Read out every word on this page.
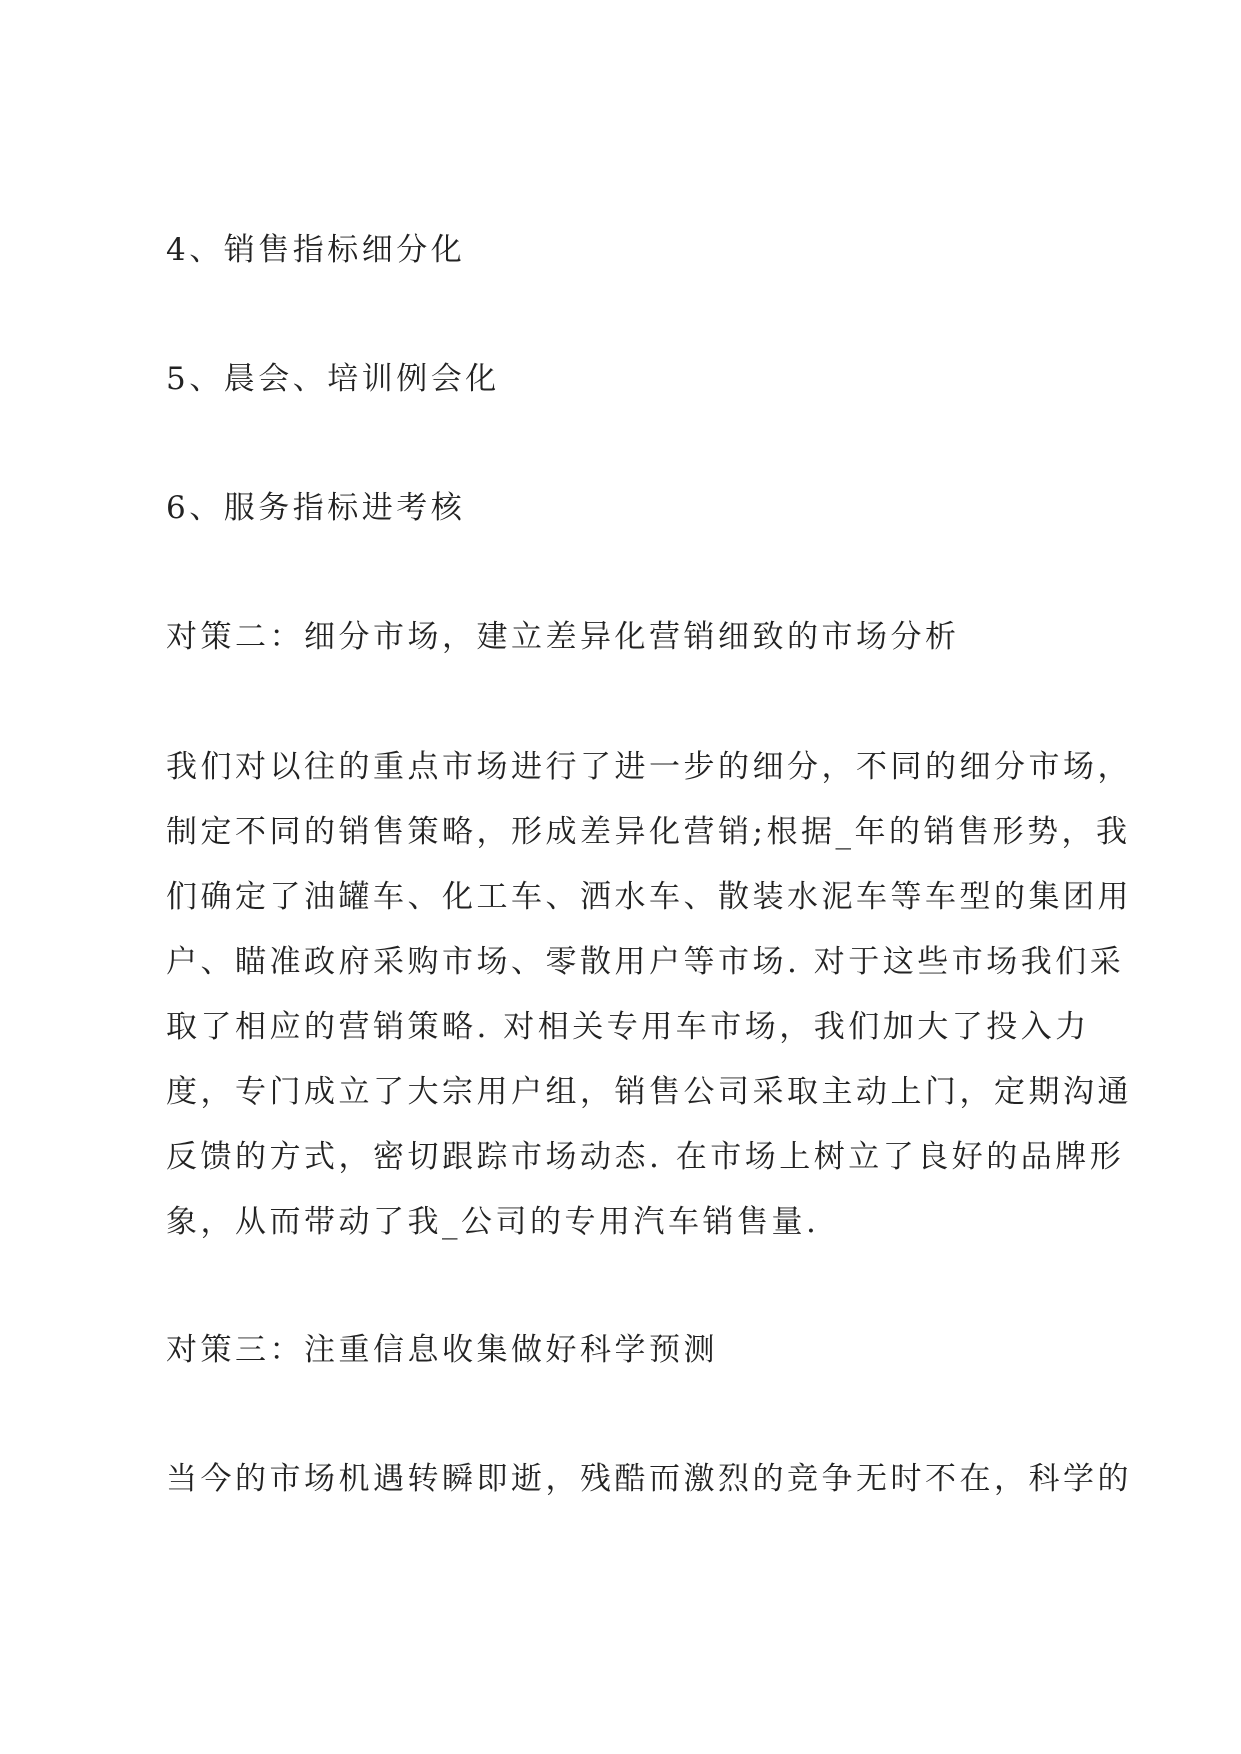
4、销售指标细分化
5、晨会、培训例会化
6、服务指标进考核
对策二：细分市场，建立差异化营销细致的市场分析
我们对以往的重点市场进行了进一步的细分，不同的细分市场，
制定不同的销售策略，形成差异化营销;根据_年的销售形势，我
们确定了油罐车、化工车、洒水车、散装水泥车等车型的集团用
户、瞄准政府采购市场、零散用户等市场. 对于这些市场我们采
取了相应的营销策略. 对相关专用车市场，我们加大了投入力
度，专门成立了大宗用户组，销售公司采取主动上门，定期沟通
反馈的方式，密切跟踪市场动态. 在市场上树立了良好的品牌形
象，从而带动了我_公司的专用汽车销售量.
对策三：注重信息收集做好科学预测
当今的市场机遇转瞬即逝，残酷而激烈的竞争无时不在，科学的
